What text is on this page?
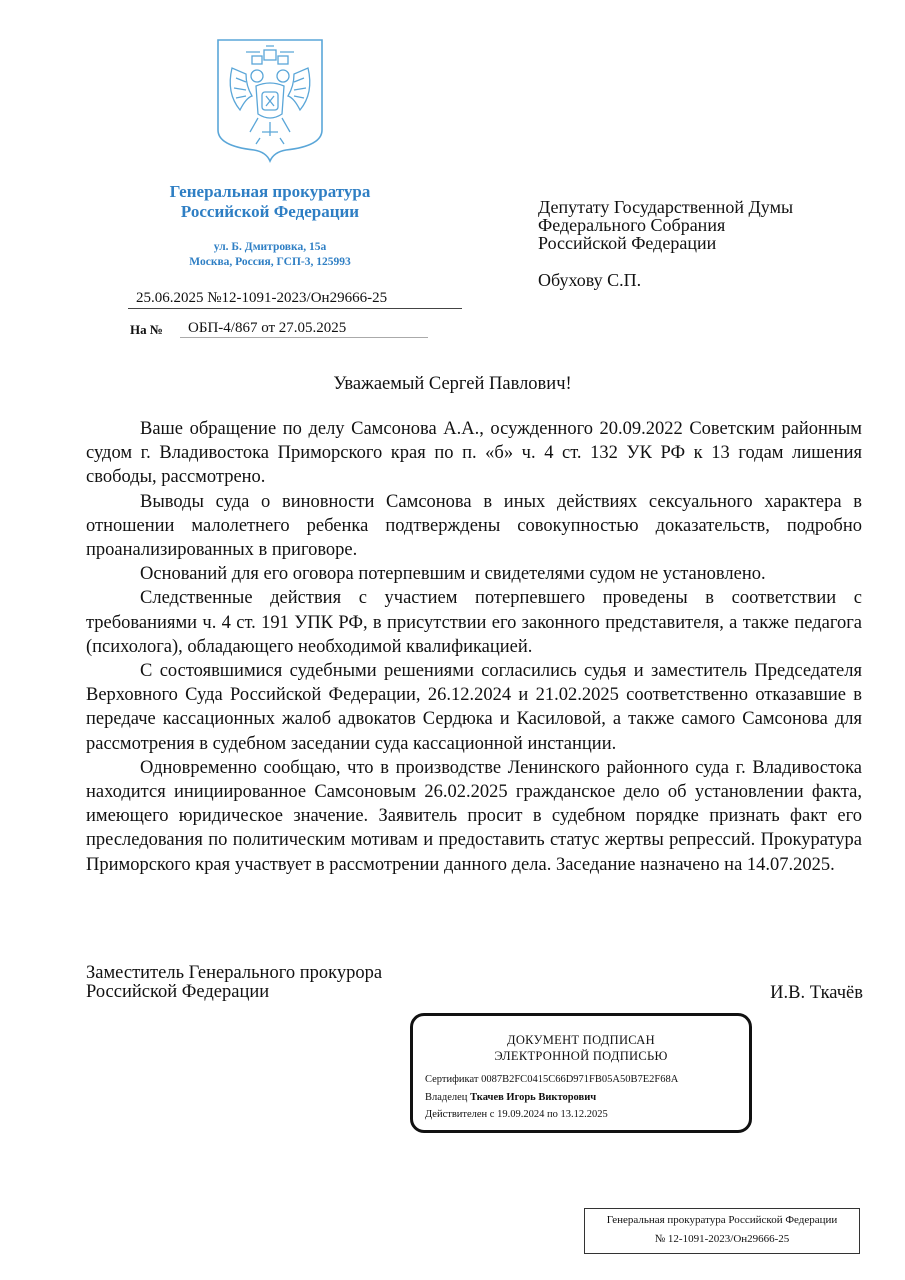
Генеральная прокуратура
Российской Федерации
ул. Б. Дмитровка, 15а
Москва, Россия, ГСП-3, 125993
25.06.2025 №12-1091-2023/Он29666-25
На №	ОБП-4/867 от 27.05.2025
Депутату Государственной Думы
Федерального Собрания
Российской Федерации
Обухову С.П.
Уважаемый Сергей Павлович!

Ваше обращение по делу Самсонова А.А., осужденного 20.09.2022 Советским районным судом г. Владивостока Приморского края по п. «б» ч. 4 ст. 132 УК РФ к 13 годам лишения свободы, рассмотрено.

Выводы суда о виновности Самсонова в иных действиях сексуального характера в отношении малолетнего ребенка подтверждены совокупностью доказательств, подробно проанализированных в приговоре.

Оснований для его оговора потерпевшим и свидетелями судом не установлено.

Следственные действия с участием потерпевшего проведены в соответствии с требованиями ч. 4 ст. 191 УПК РФ, в присутствии его законного представителя, а также педагога (психолога), обладающего необходимой квалификацией.

С состоявшимися судебными решениями согласились судья и заместитель Председателя Верховного Суда Российской Федерации, 26.12.2024 и 21.02.2025 соответственно отказавшие в передаче кассационных жалоб адвокатов Сердюка и Касиловой, а также самого Самсонова для рассмотрения в судебном заседании суда кассационной инстанции.

Одновременно сообщаю, что в производстве Ленинского районного суда г. Владивостока находится инициированное Самсоновым 26.02.2025 гражданское дело об установлении факта, имеющего юридическое значение. Заявитель просит в судебном порядке признать факт его преследования по политическим мотивам и предоставить статус жертвы репрессий. Прокуратура Приморского края участвует в рассмотрении данного дела. Заседание назначено на 14.07.2025.

Заместитель Генерального прокурора
Российской Федерации	И.В. Ткачёв
ДОКУМЕНТ ПОДПИСАН
ЭЛЕКТРОННОЙ ПОДПИСЬЮ
Сертификат 0087B2FC0415C66D971FB05A50B7E2F68A
Владелец Ткачев Игорь Викторович
Действителен с 19.09.2024 по 13.12.2025
Генеральная прокуратура Российской Федерации
№ 12-1091-2023/Он29666-25
